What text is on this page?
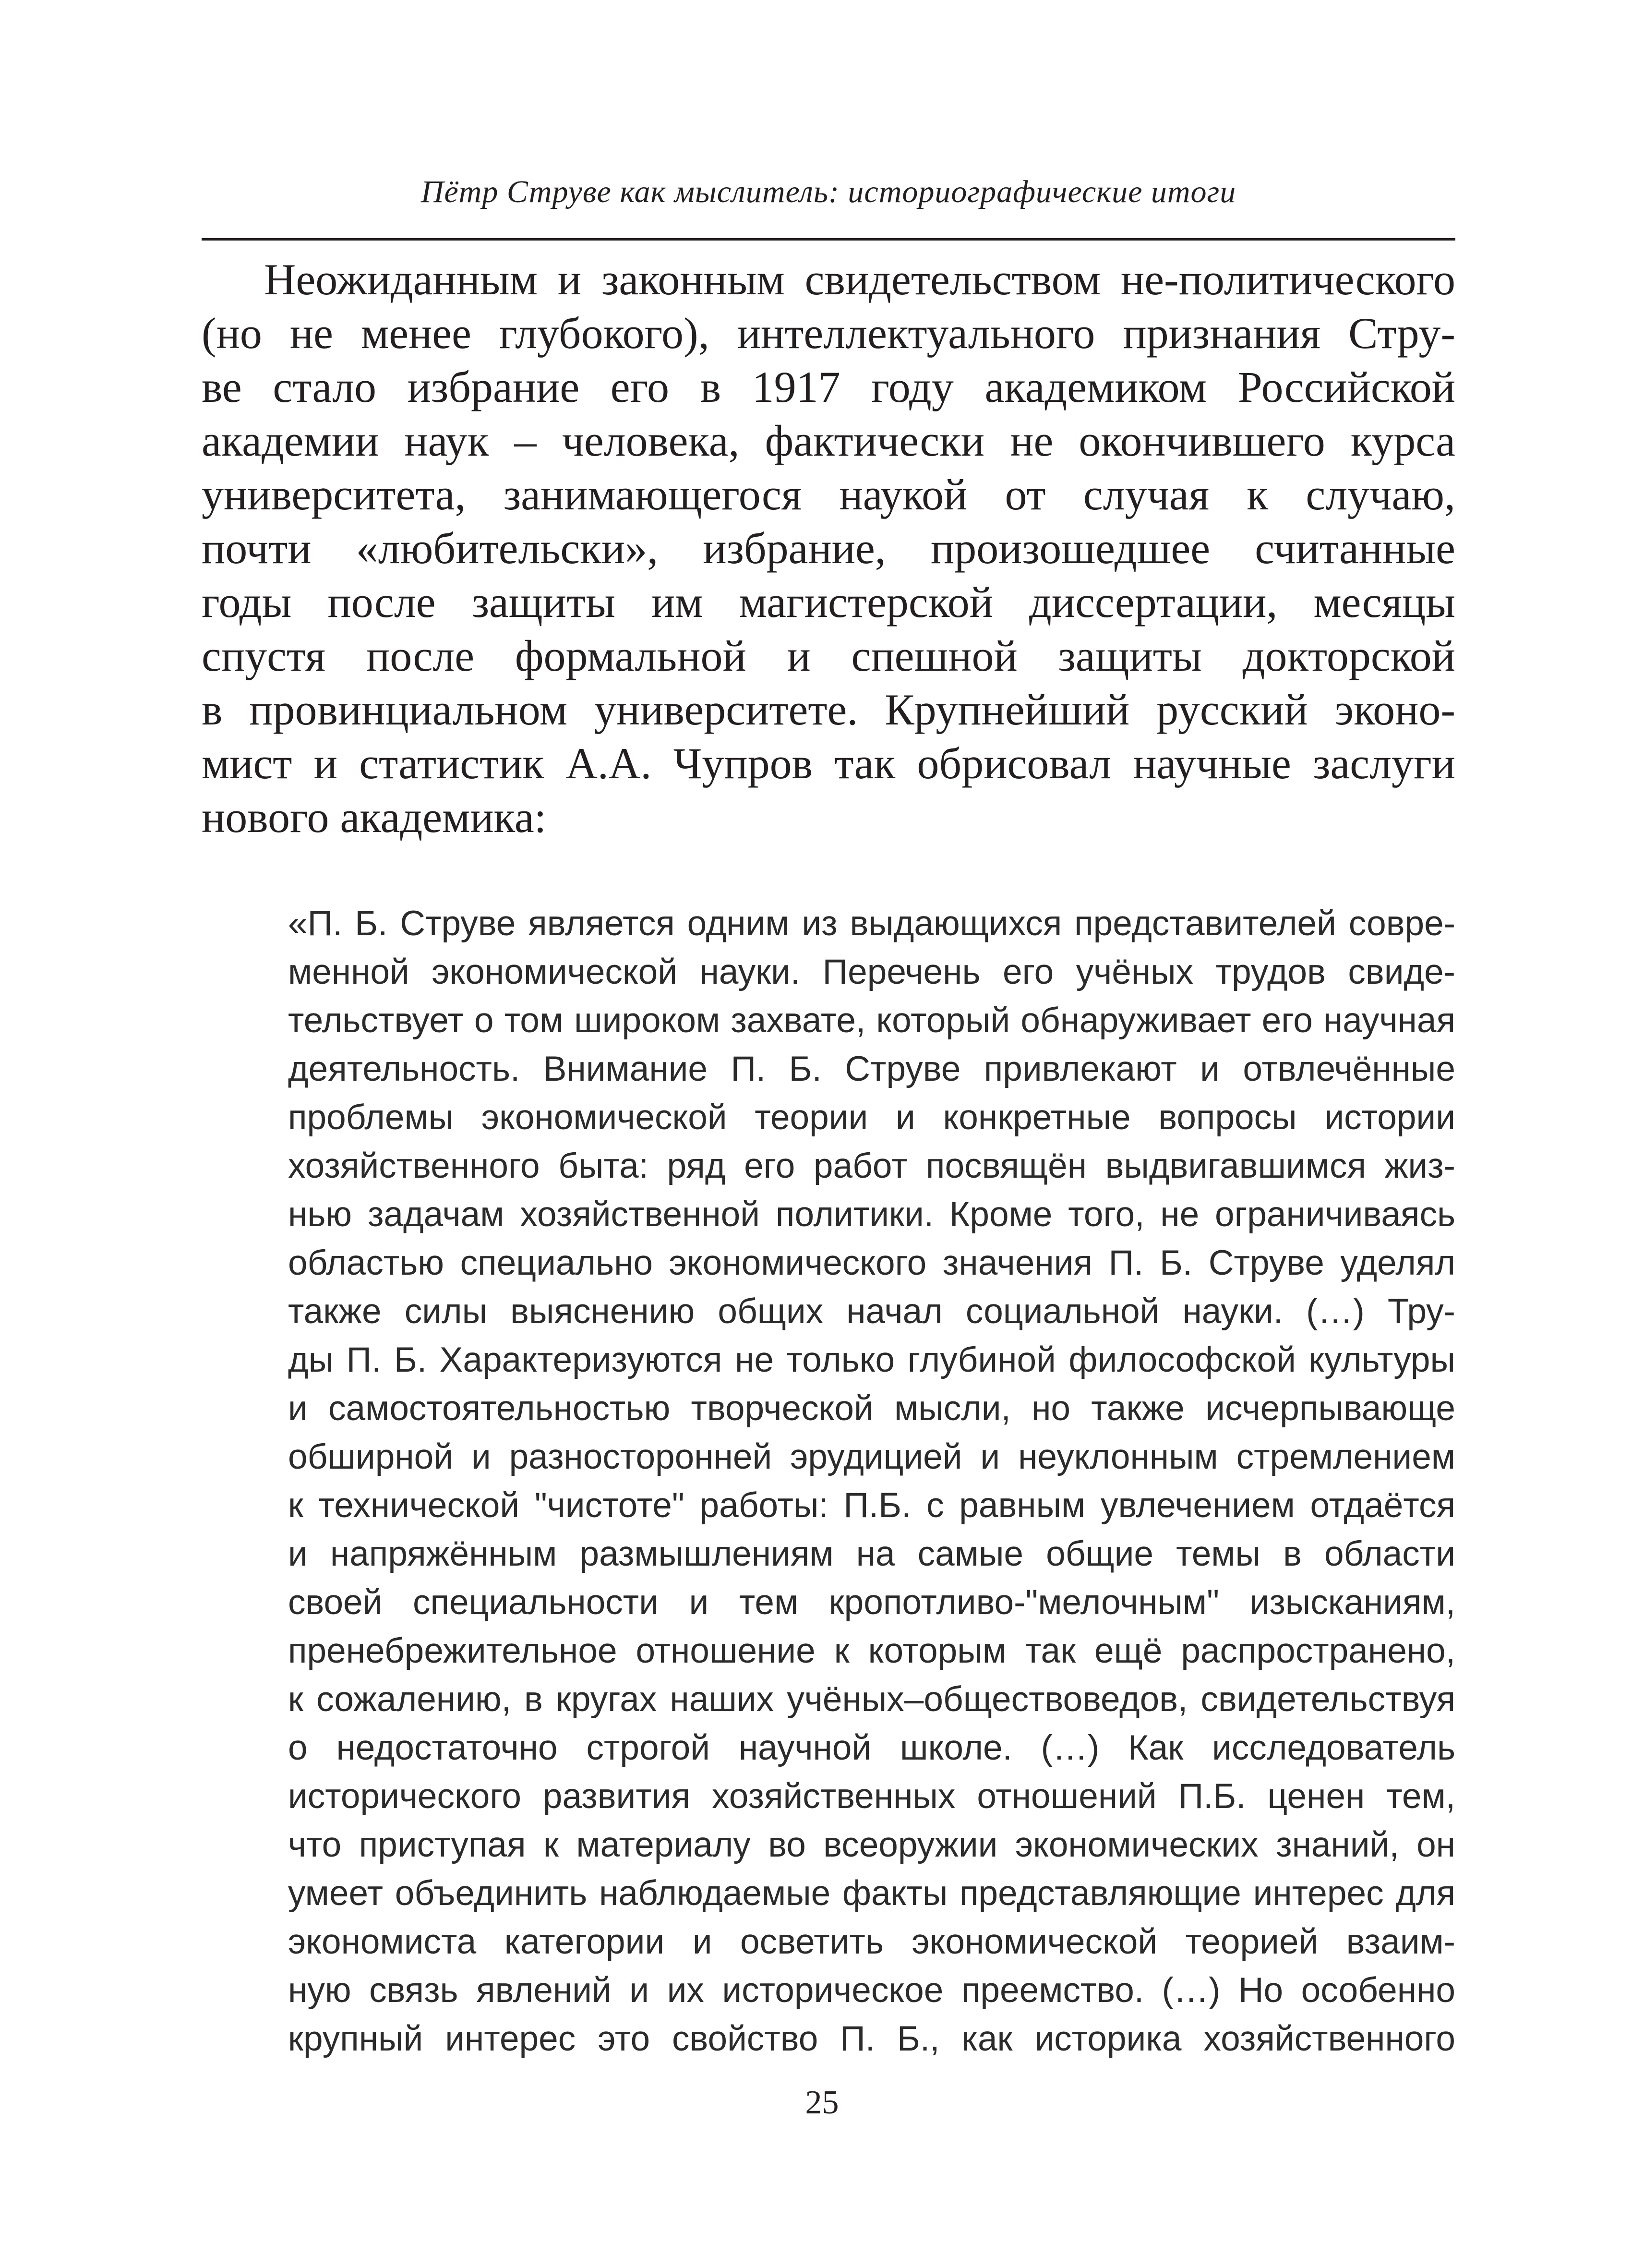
Пётр Струве как мыслитель: историографические итоги
Неожиданным и законным свидетельством не-политического
(но не менее глубокого), интеллектуального признания Стру-
ве стало избрание его в 1917 году академиком Российской
академии наук – человека, фактически не окончившего курса
университета, занимающегося наукой от случая к случаю,
почти «любительски», избрание, произошедшее считанные
годы после защиты им магистерской диссертации, месяцы
спустя после формальной и спешной защиты докторской
в провинциальном университете. Крупнейший русский эконо-
мист и статистик А.А. Чупров так обрисовал научные заслуги
нового академика:
«П. Б. Струве является одним из выдающихся представителей совре-
менной экономической науки. Перечень его учёных трудов свиде-
тельствует о том широком захвате, который обнаруживает его научная
деятельность. Внимание П. Б. Струве привлекают и отвлечённые
проблемы экономической теории и конкретные вопросы истории
хозяйственного быта: ряд его работ посвящён выдвигавшимся жиз-
нью задачам хозяйственной политики. Кроме того, не ограничиваясь
областью специально экономического значения П. Б. Струве уделял
также силы выяснению общих начал социальной науки. (…) Тру-
ды П. Б. Характеризуются не только глубиной философской культуры
и самостоятельностью творческой мысли, но также исчерпывающе
обширной и разносторонней эрудицией и неуклонным стремлением
к технической "чистоте" работы: П.Б. с равным увлечением отдаётся
и напряжённым размышлениям на самые общие темы в области
своей специальности и тем кропотливо-"мелочным" изысканиям,
пренебрежительное отношение к которым так ещё распространено,
к сожалению, в кругах наших учёных–обществоведов, свидетельствуя
о недостаточно строгой научной школе. (…) Как исследователь
исторического развития хозяйственных отношений П.Б. ценен тем,
что приступая к материалу во всеоружии экономических знаний, он
умеет объединить наблюдаемые факты представляющие интерес для
экономиста категории и осветить экономической теорией взаим-
ную связь явлений и их историческое преемство. (…) Но особенно
крупный интерес это свойство П. Б., как историка хозяйственного
25
